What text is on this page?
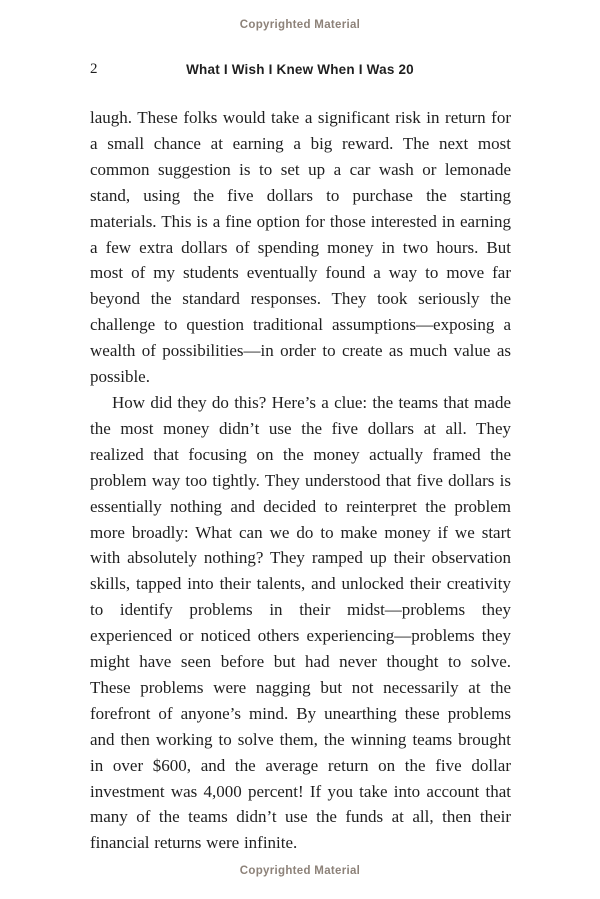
Copyrighted Material
2	What I Wish I Knew When I Was 20

laugh. These folks would take a significant risk in return for a small chance at earning a big reward. The next most common suggestion is to set up a car wash or lemonade stand, using the five dollars to purchase the starting materials. This is a fine option for those interested in earning a few extra dollars of spending money in two hours. But most of my students eventually found a way to move far beyond the standard responses. They took seriously the challenge to question traditional assumptions—exposing a wealth of possibilities—in order to create as much value as possible.

How did they do this? Here’s a clue: the teams that made the most money didn’t use the five dollars at all. They realized that focusing on the money actually framed the problem way too tightly. They understood that five dollars is essentially nothing and decided to reinterpret the problem more broadly: What can we do to make money if we start with absolutely nothing? They ramped up their observation skills, tapped into their talents, and unlocked their creativity to identify problems in their midst—problems they experienced or noticed others experiencing—problems they might have seen before but had never thought to solve. These problems were nagging but not necessarily at the forefront of anyone’s mind. By unearthing these problems and then working to solve them, the winning teams brought in over $600, and the average return on the five dollar investment was 4,000 percent! If you take into account that many of the teams didn’t use the funds at all, then their financial returns were infinite.

Copyrighted Material
